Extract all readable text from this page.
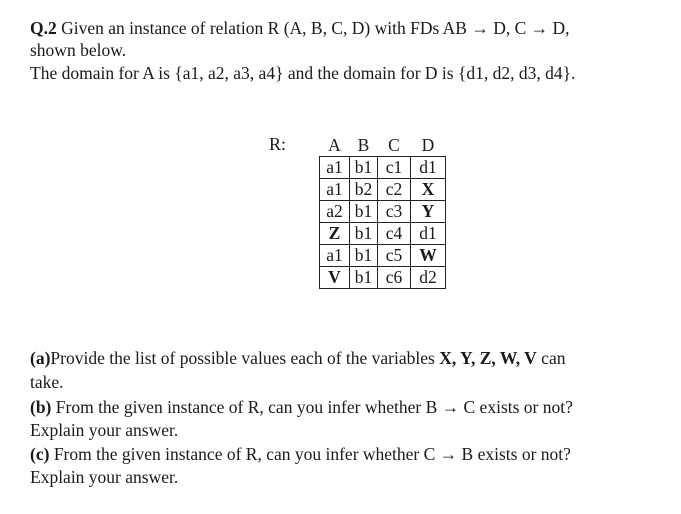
Q.2 Given an instance of relation R (A, B, C, D) with FDs AB → D, C → D,
shown below.
The domain for A is {a1, a2, a3, a4} and the domain for D is {d1, d2, d3, d4}.
R: A	B	C	D
a1	b1	c1	d1
a1	b2	c2	X
a2	b1	c3	Y
Z	b1	c4	d1
a1	b1	c5	W
V	b1	c6	d2
(a)Provide the list of possible values each of the variables X, Y, Z, W, V can
take.
(b) From the given instance of R, can you infer whether B → C exists or not?
Explain your answer.
(c) From the given instance of R, can you infer whether C → B exists or not?
Explain your answer.
